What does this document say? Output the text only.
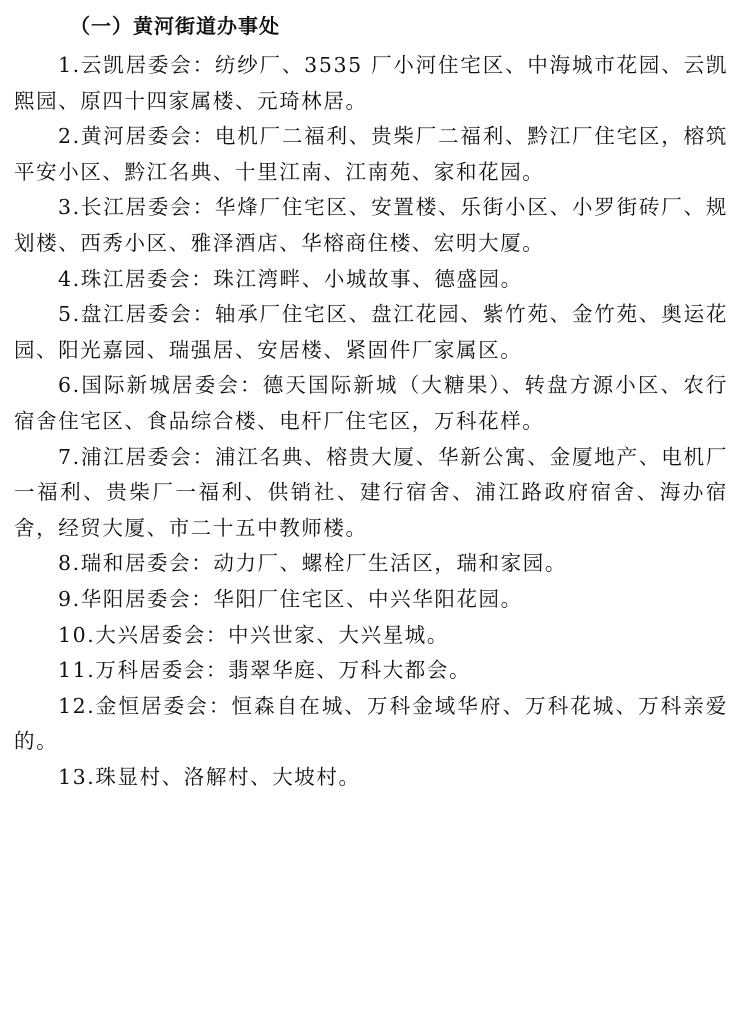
（一）黄河街道办事处

1.云凯居委会：纺纱厂、3535 厂小河住宅区、中海城市花园、云凯熙园、原四十四家属楼、元琦林居。

2.黄河居委会：电机厂二福利、贵柴厂二福利、黔江厂住宅区，榕筑平安小区、黔江名典、十里江南、江南苑、家和花园。

3.长江居委会：华烽厂住宅区、安置楼、乐街小区、小罗街砖厂、规划楼、西秀小区、雅泽酒店、华榕商住楼、宏明大厦。

4.珠江居委会：珠江湾畔、小城故事、德盛园。

5.盘江居委会：轴承厂住宅区、盘江花园、紫竹苑、金竹苑、奥运花园、阳光嘉园、瑞强居、安居楼、紧固件厂家属区。

6.国际新城居委会：德天国际新城（大糖果）、转盘方源小区、农行宿舍住宅区、食品综合楼、电杆厂住宅区，万科花样。

7.浦江居委会：浦江名典、榕贵大厦、华新公寓、金厦地产、电机厂一福利、贵柴厂一福利、供销社、建行宿舍、浦江路政府宿舍、海办宿舍，经贸大厦、市二十五中教师楼。

8.瑞和居委会：动力厂、螺栓厂生活区，瑞和家园。

9.华阳居委会：华阳厂住宅区、中兴华阳花园。

10.大兴居委会：中兴世家、大兴星城。

11.万科居委会：翡翠华庭、万科大都会。

12.金恒居委会：恒森自在城、万科金域华府、万科花城、万科亲爱的。

13.珠显村、洛解村、大坡村。
